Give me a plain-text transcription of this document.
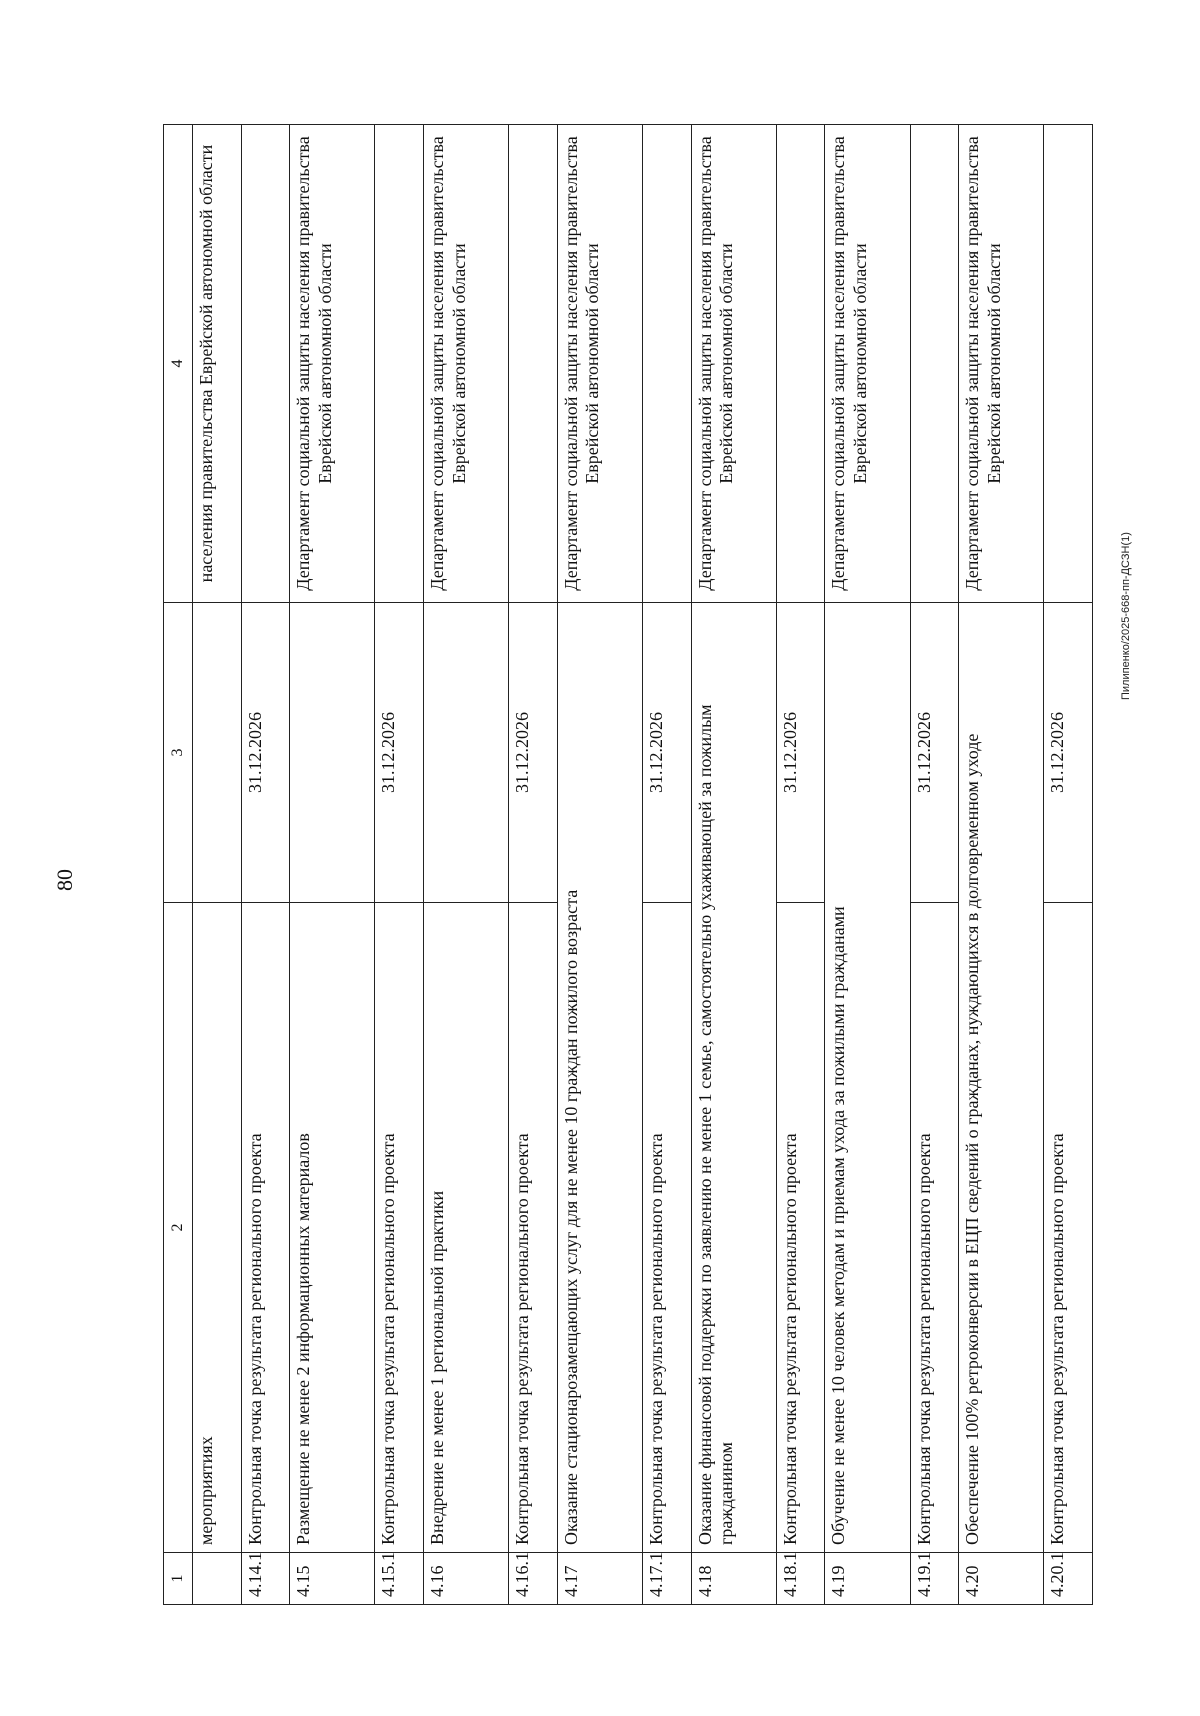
80
1	2	3	4
	мероприятиях		населения правительства Еврейской автономной области
4.14.1	Контрольная точка результата регионального проекта	31.12.2026	
4.15	Размещение не менее 2 информационных материалов		Департамент социальной защиты населения правительства Еврейской автономной области
4.15.1	Контрольная точка результата регионального проекта	31.12.2026	
4.16	Внедрение не менее 1 региональной практики		Департамент социальной защиты населения правительства Еврейской автономной области
4.16.1	Контрольная точка результата регионального проекта	31.12.2026	
4.17	Оказание стационарозамещающих услуг для не менее 10 граждан пожилого возраста		Департамент социальной защиты населения правительства Еврейской автономной области
4.17.1	Контрольная точка результата регионального проекта	31.12.2026	
4.18	Оказание финансовой поддержки по заявлению не менее 1 семье, самостоятельно ухаживающей за пожилым гражданином		Департамент социальной защиты населения правительства Еврейской автономной области
4.18.1	Контрольная точка результата регионального проекта	31.12.2026	
4.19	Обучение не менее 10 человек методам и приемам ухода за пожилыми гражданами		Департамент социальной защиты населения правительства Еврейской автономной области
4.19.1	Контрольная точка результата регионального проекта	31.12.2026	
4.20	Обеспечение 100% ретроконверсии в ЕЦП сведений о гражданах, нуждающихся в долговременном уходе		Департамент социальной защиты населения правительства Еврейской автономной области
4.20.1	Контрольная точка результата регионального проекта	31.12.2026	
Пилипенко/2025-668-пп-ДСЗН(1)
